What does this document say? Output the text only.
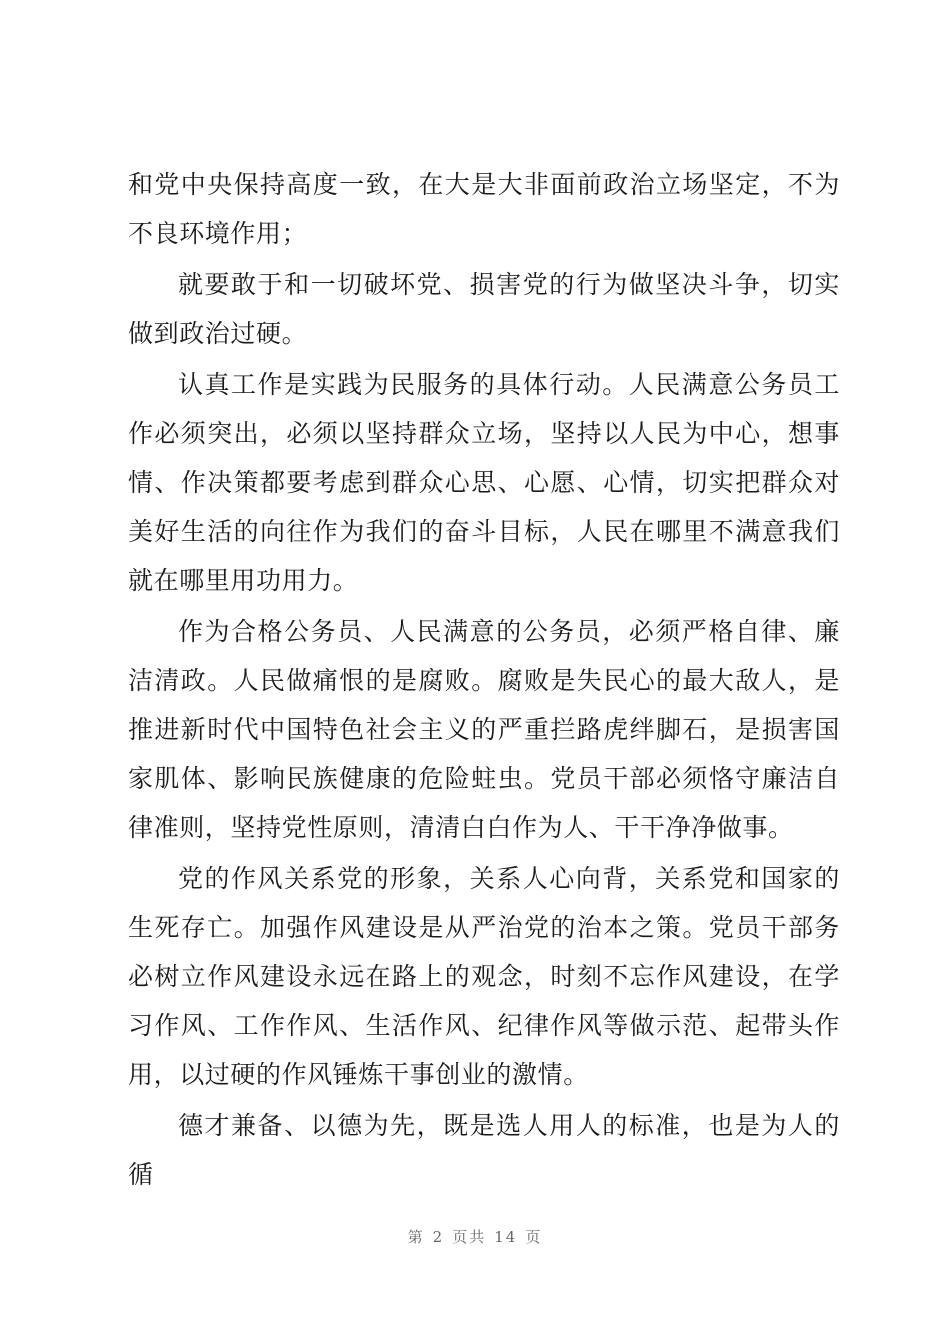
和党中央保持高度一致，在大是大非面前政治立场坚定，不为不良环境作用；

就要敢于和一切破坏党、损害党的行为做坚决斗争，切实做到政治过硬。

认真工作是实践为民服务的具体行动。人民满意公务员工作必须突出，必须以坚持群众立场，坚持以人民为中心，想事情、作决策都要考虑到群众心思、心愿、心情，切实把群众对美好生活的向往作为我们的奋斗目标，人民在哪里不满意我们就在哪里用功用力。

作为合格公务员、人民满意的公务员，必须严格自律、廉洁清政。人民做痛恨的是腐败。腐败是失民心的最大敌人，是推进新时代中国特色社会主义的严重拦路虎绊脚石，是损害国家肌体、影响民族健康的危险蛀虫。党员干部必须恪守廉洁自律准则，坚持党性原则，清清白白作为人、干干净净做事。

党的作风关系党的形象，关系人心向背，关系党和国家的生死存亡。加强作风建设是从严治党的治本之策。党员干部务必树立作风建设永远在路上的观念，时刻不忘作风建设，在学习作风、工作作风、生活作风、纪律作风等做示范、起带头作用，以过硬的作风锤炼干事创业的激情。

德才兼备、以德为先，既是选人用人的标准，也是为人的循

第 2 页共 14 页
